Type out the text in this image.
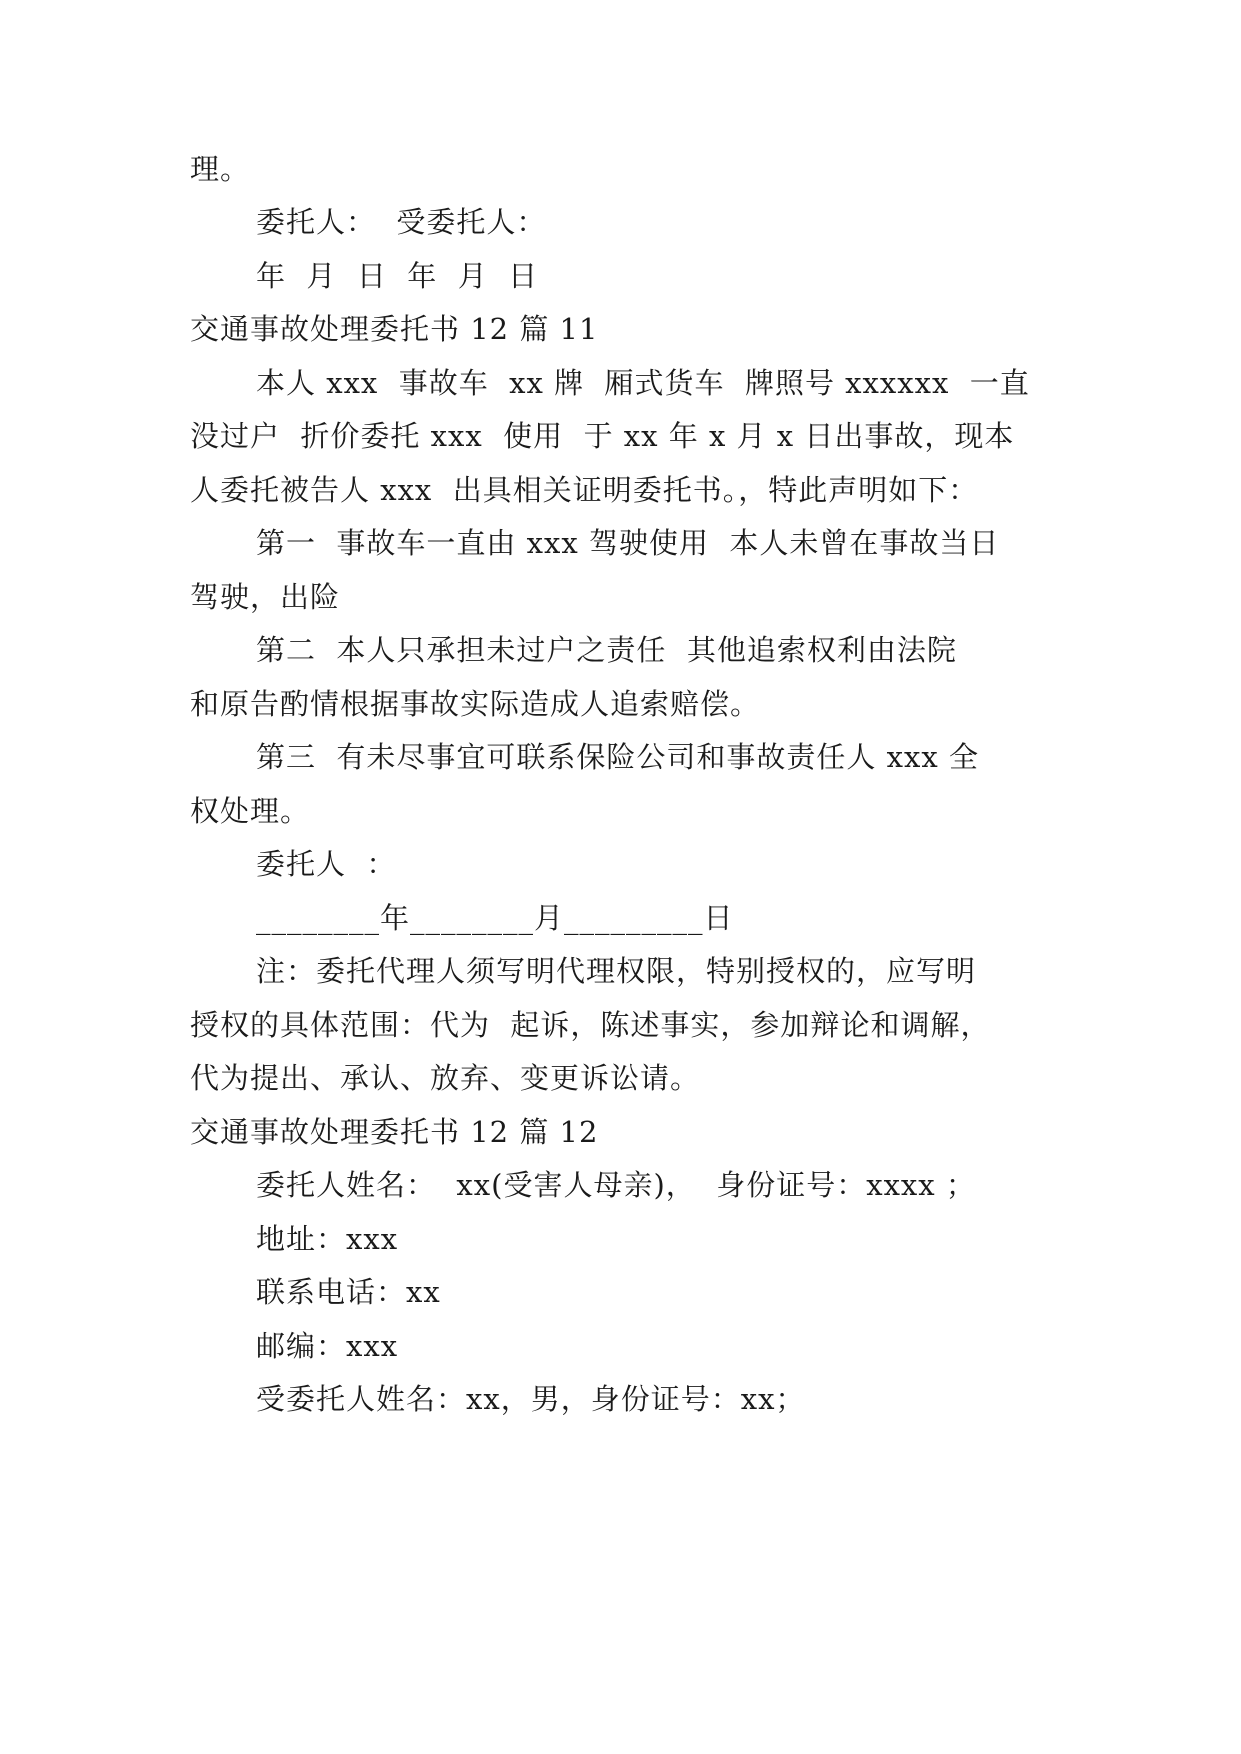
理。
委托人：  受委托人：
年  月  日  年  月  日
交通事故处理委托书 12 篇 11
本人 xxx  事故车  xx 牌  厢式货车  牌照号 xxxxxx  一直
没过户  折价委托 xxx  使用  于 xx 年 x 月 x 日出事故，现本
人委托被告人 xxx  出具相关证明委托书。，特此声明如下：
第一  事故车一直由 xxx 驾驶使用  本人未曾在事故当日
驾驶，出险
第二  本人只承担未过户之责任  其他追索权利由法院
和原告酌情根据事故实际造成人追索赔偿。
第三  有未尽事宜可联系保险公司和事故责任人 xxx 全
权处理。
委托人  ：
________年________月_________日
注：委托代理人须写明代理权限，特别授权的，应写明
授权的具体范围：代为  起诉，陈述事实，参加辩论和调解，
代为提出、承认、放弃、变更诉讼请。
交通事故处理委托书 12 篇 12
委托人姓名：  xx(受害人母亲)，  身份证号：xxxx ；
地址：xxx
联系电话：xx
邮编：xxx
受委托人姓名：xx，男，身份证号：xx；
